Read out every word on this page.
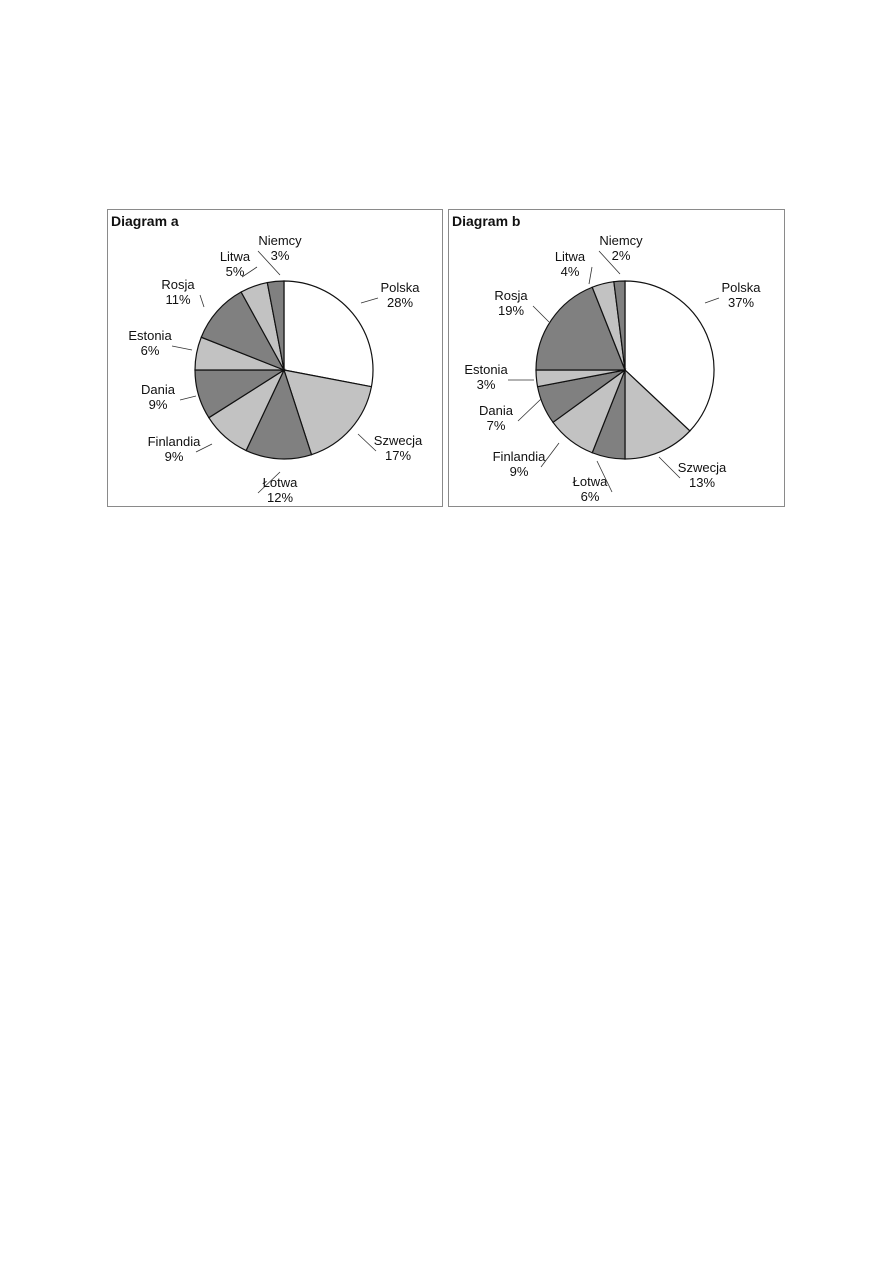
Diagram a

Polska
28%
Szwecja
17%
Łotwa
12%
Finlandia
9%
Dania
9%
Estonia
6%
Rosja
11%
Litwa
5%
Niemcy
3%

Diagram b

Polska
37%
Szwecja
13%
Łotwa
6%
Finlandia
9%
Dania
7%
Estonia
3%
Rosja
19%
Litwa
4%
Niemcy
2%
